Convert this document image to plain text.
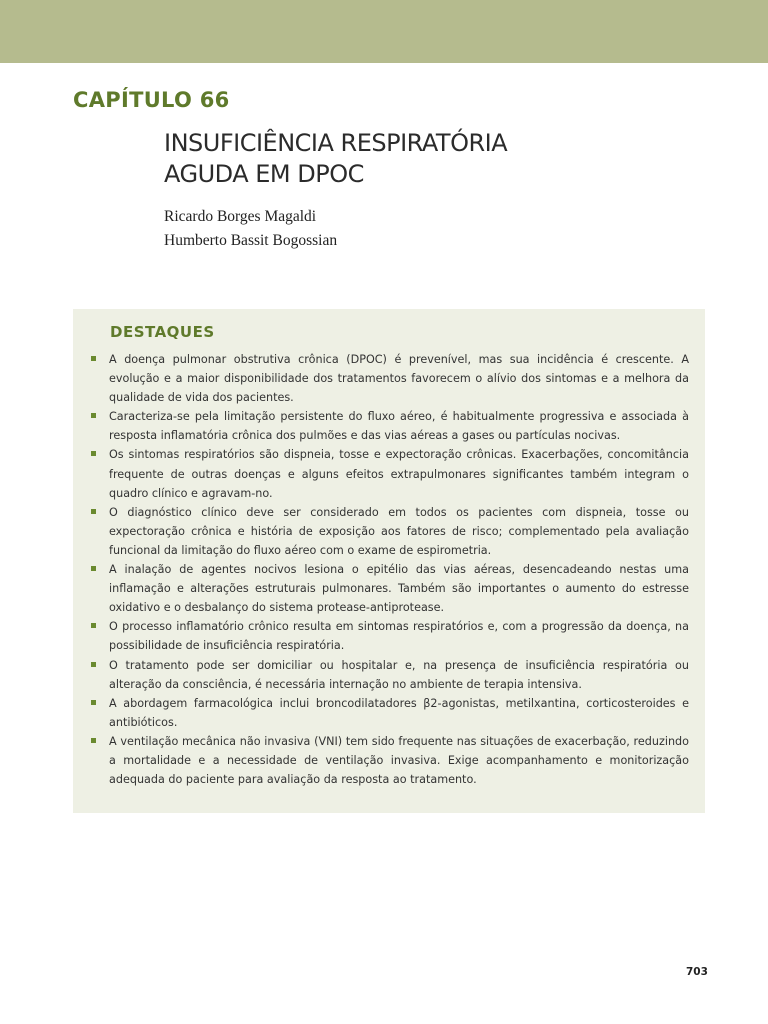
CAPÍTULO 66
INSUFICIÊNCIA RESPIRATÓRIA
AGUDA EM DPOC
Ricardo Borges Magaldi
Humberto Bassit Bogossian
DESTAQUES
A doença pulmonar obstrutiva crônica (DPOC) é prevenível, mas sua incidência é crescente. A evolução e a maior disponibilidade dos tratamentos favorecem o alívio dos sintomas e a melhora da qualidade de vida dos pacientes.
Caracteriza-se pela limitação persistente do fluxo aéreo, é habitualmente progressiva e associada à resposta inflamatória crônica dos pulmões e das vias aéreas a gases ou partículas nocivas.
Os sintomas respiratórios são dispneia, tosse e expectoração crônicas. Exacerbações, concomitância frequente de outras doenças e alguns efeitos extrapulmonares significantes também integram o quadro clínico e agravam-no.
O diagnóstico clínico deve ser considerado em todos os pacientes com dispneia, tosse ou expectoração crônica e história de exposição aos fatores de risco; complementado pela avaliação funcional da limitação do fluxo aéreo com o exame de espirometria.
A inalação de agentes nocivos lesiona o epitélio das vias aéreas, desencadeando nestas uma inflamação e alterações estruturais pulmonares. Também são importantes o aumento do estresse oxidativo e o desbalanço do sistema protease-antiprotease.
O processo inflamatório crônico resulta em sintomas respiratórios e, com a progressão da doença, na possibilidade de insuficiência respiratória.
O tratamento pode ser domiciliar ou hospitalar e, na presença de insuficiência respiratória ou alteração da consciência, é necessária internação no ambiente de terapia intensiva.
A abordagem farmacológica inclui broncodilatadores β2-agonistas, metilxantina, corticosteroides e antibióticos.
A ventilação mecânica não invasiva (VNI) tem sido frequente nas situações de exacerbação, reduzindo a mortalidade e a necessidade de ventilação invasiva. Exige acompanhamento e monitorização adequada do paciente para avaliação da resposta ao tratamento.
703
